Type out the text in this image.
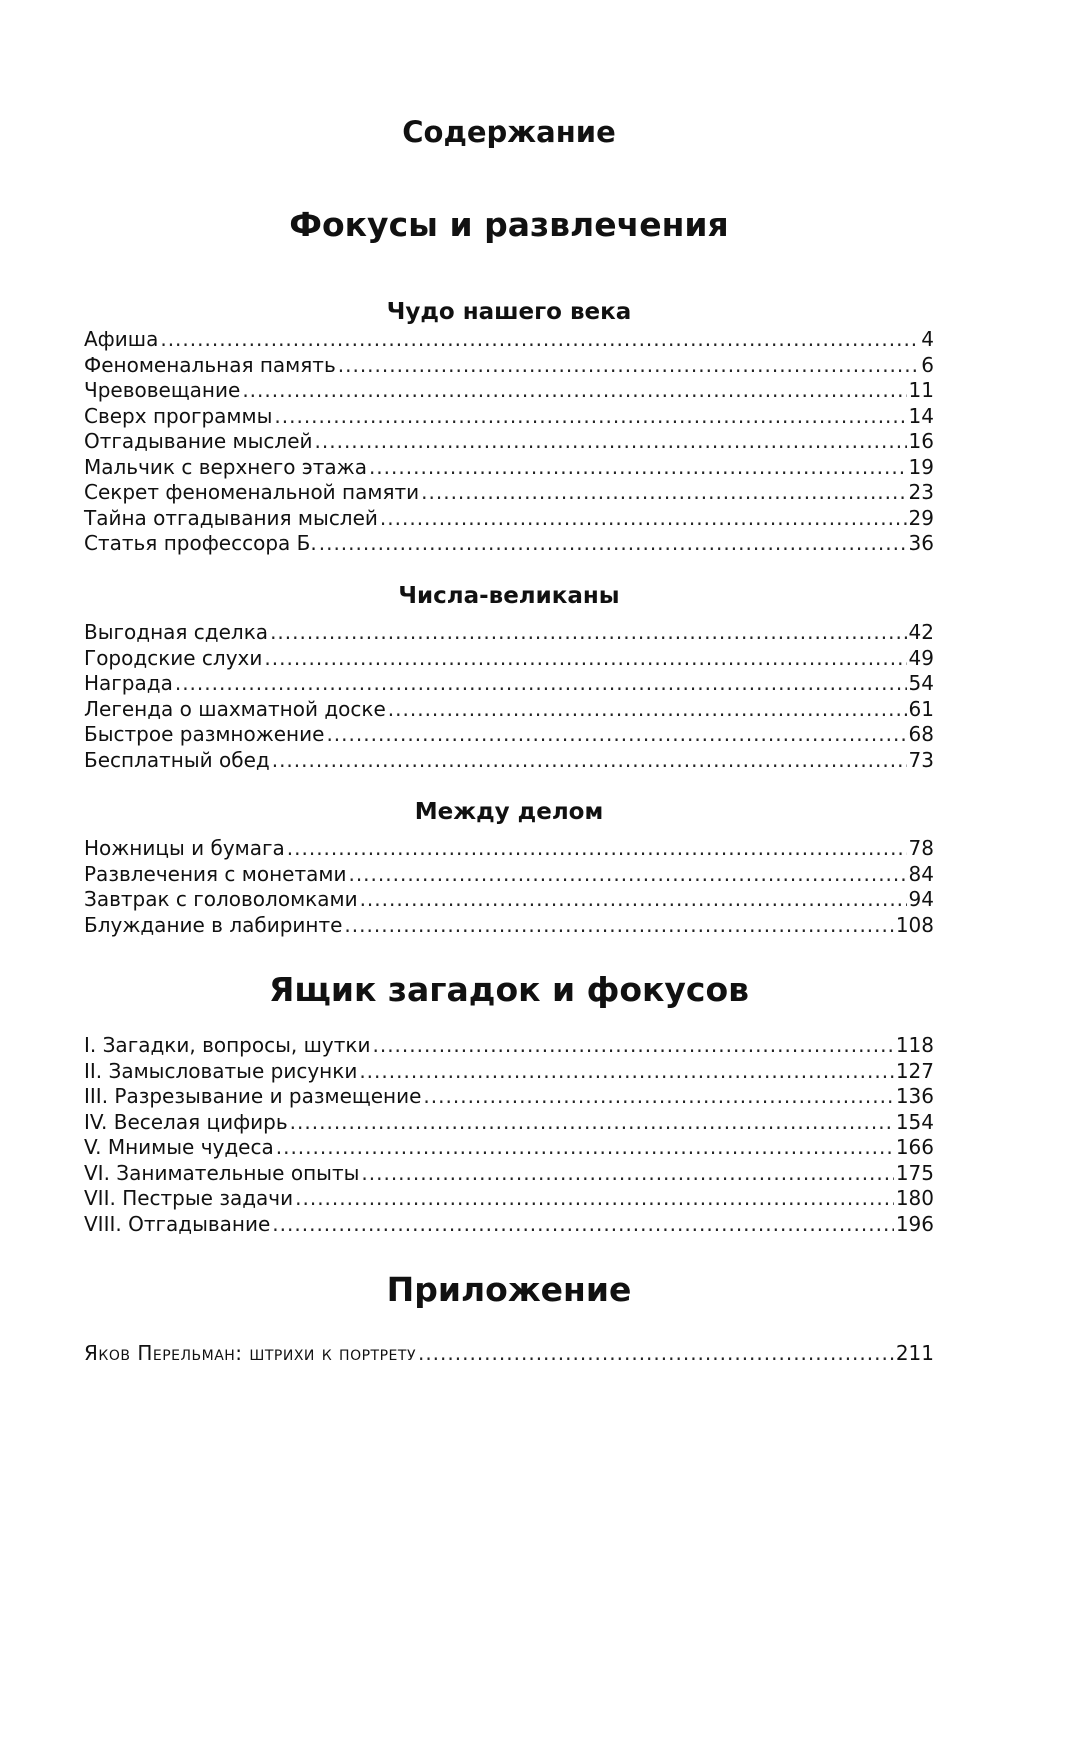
Содержание
Фокусы и развлечения
Чудо нашего века
Афиша .....	4
Феноменальная память .....	6
Чревовещание .....	11
Сверх программы .....	14
Отгадывание мыслей .....	16
Мальчик с верхнего этажа .....	19
Секрет феноменальной памяти .....	23
Тайна отгадывания мыслей .....	29
Статья профессора Б. .....	36
Числа-великаны
Выгодная сделка .....	42
Городские слухи .....	49
Награда .....	54
Легенда о шахматной доске .....	61
Быстрое размножение .....	68
Бесплатный обед .....	73
Между делом
Ножницы и бумага .....	78
Развлечения с монетами .....	84
Завтрак с головоломками .....	94
Блуждание в лабиринте .....	108
Ящик загадок и фокусов
I. Загадки, вопросы, шутки .....	118
II. Замысловатые рисунки .....	127
III. Разрезывание и размещение .....	136
IV. Веселая цифирь .....	154
V. Мнимые чудеса .....	166
VI. Занимательные опыты .....	175
VII. Пестрые задачи .....	180
VIII. Отгадывание .....	196
Приложение
Яков Перельман: штрихи к портрету .....	211
